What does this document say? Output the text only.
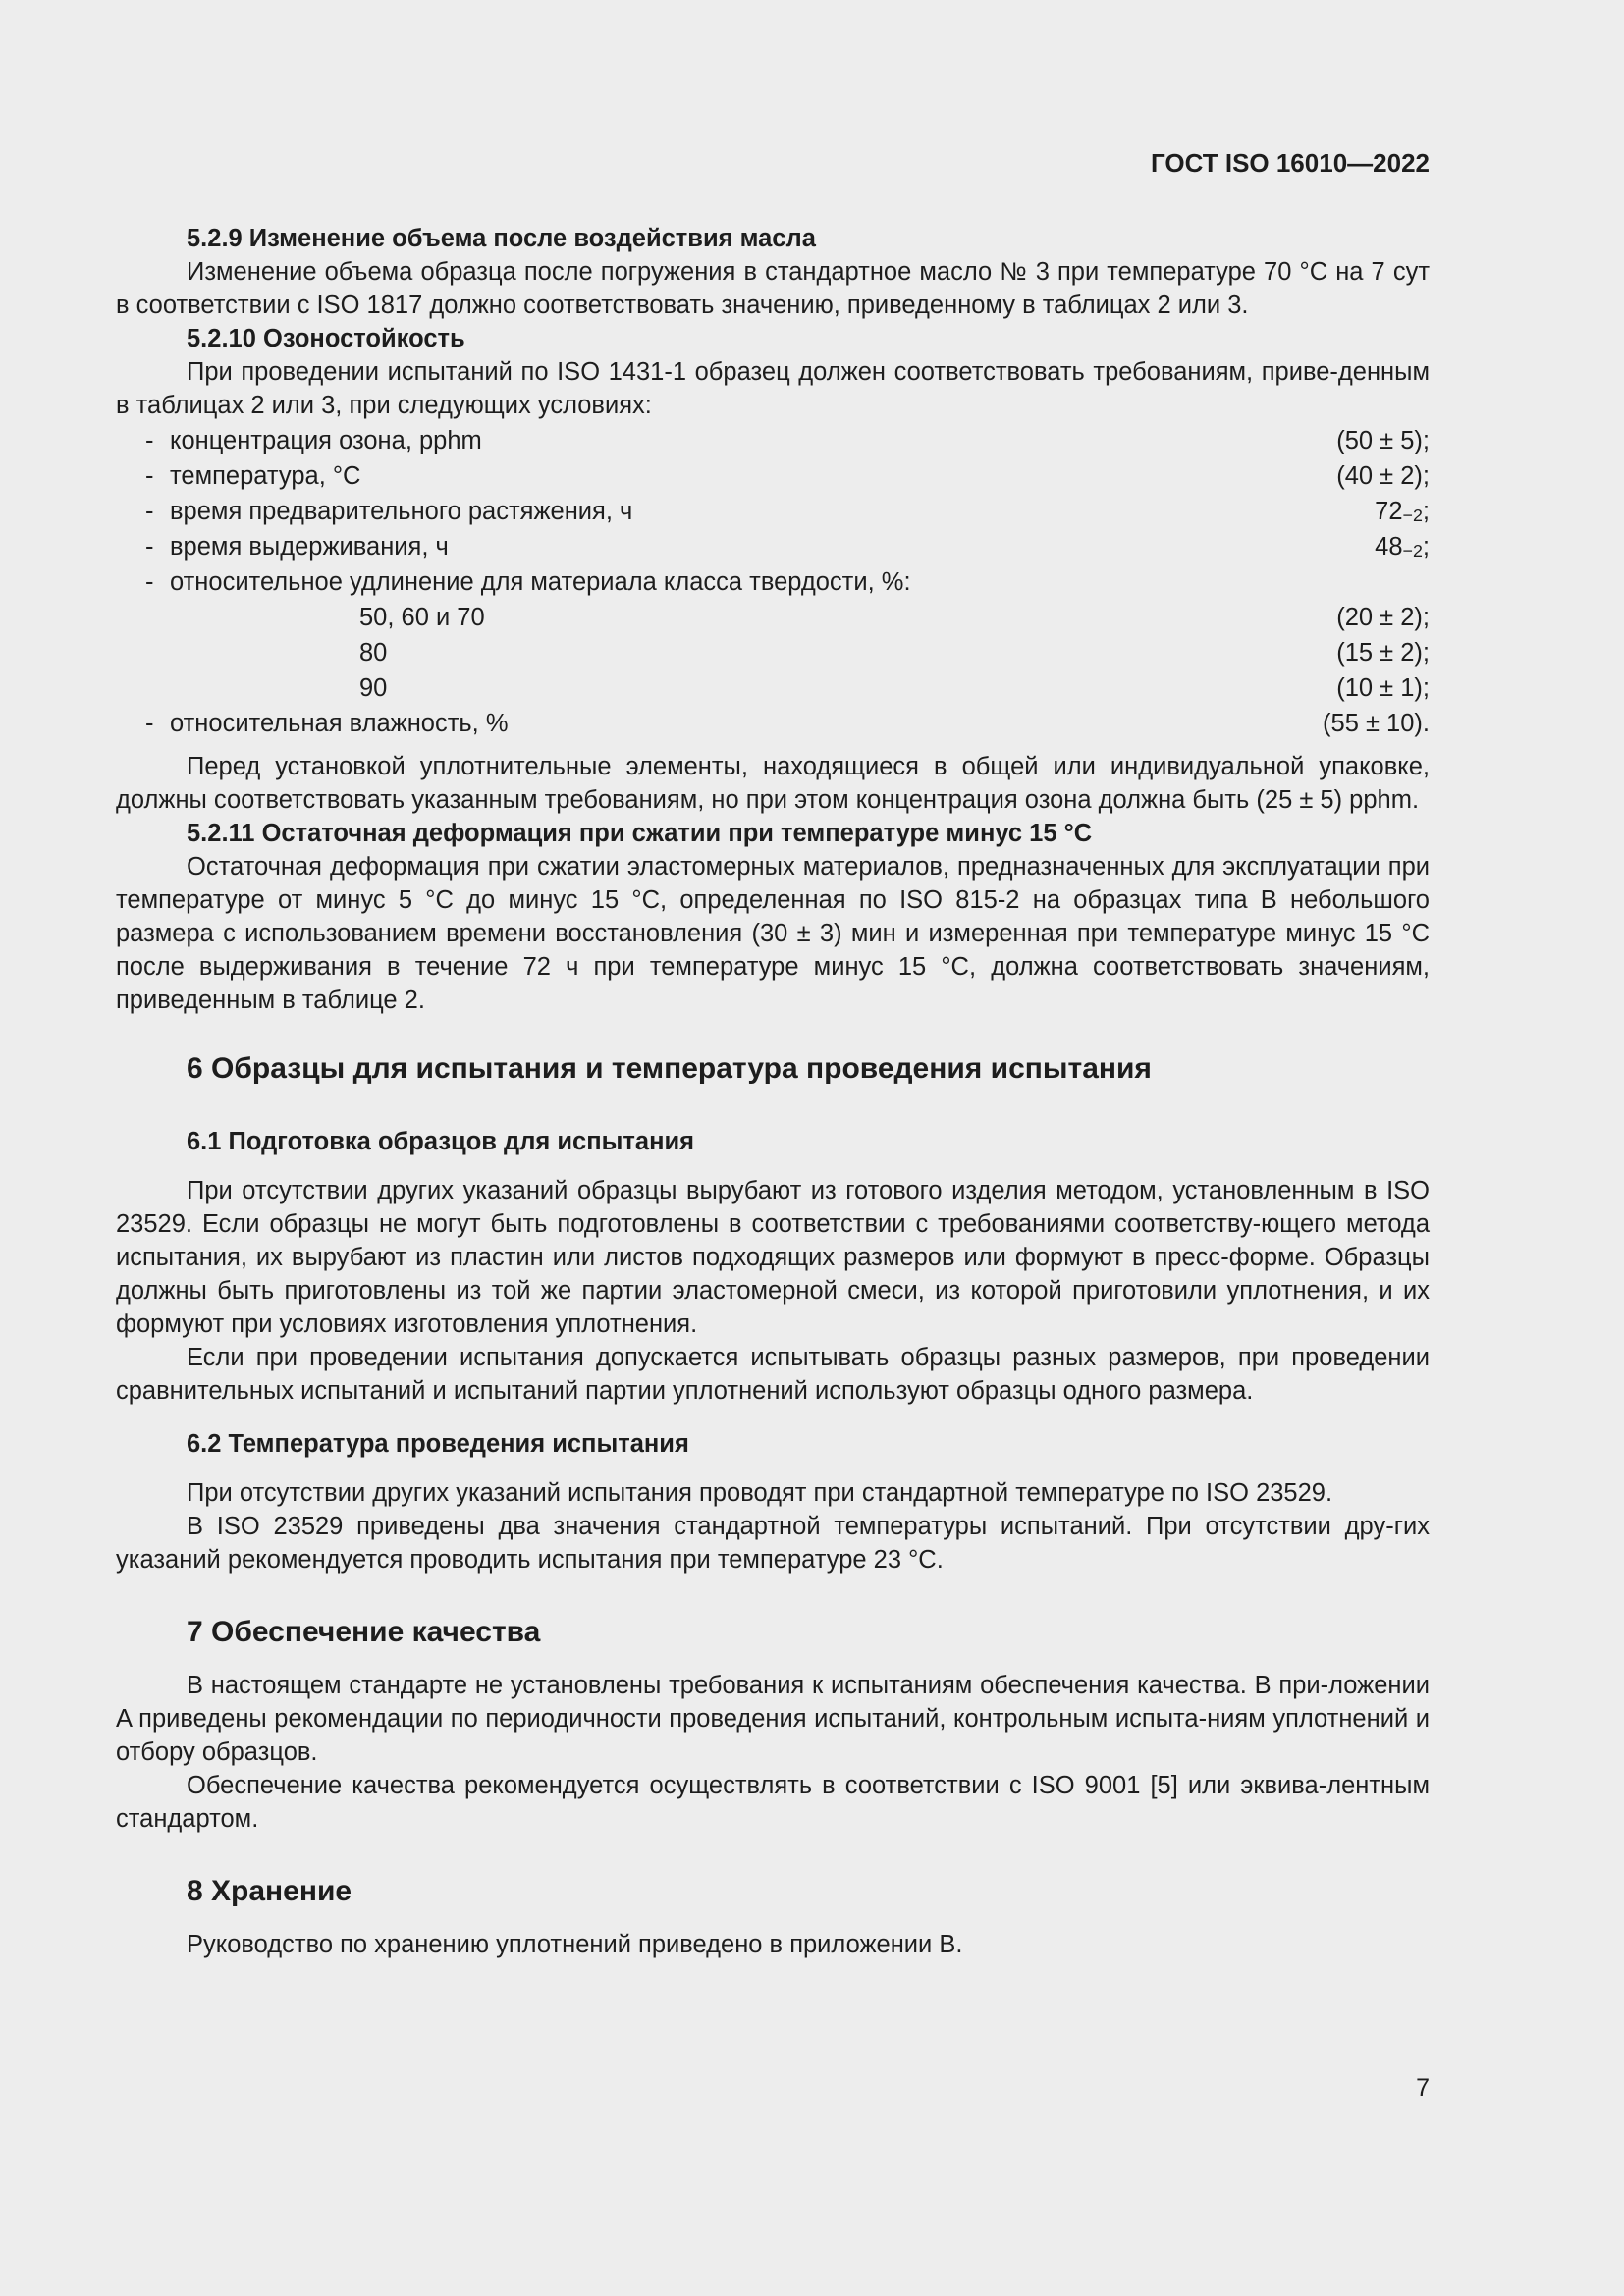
ГОСТ ISO 16010—2022

5.2.9 Изменение объема после воздействия масла

Изменение объема образца после погружения в стандартное масло № 3 при температуре 70 °C на 7 сут в соответствии с ISO 1817 должно соответствовать значению, приведенному в таблицах 2 или 3.

5.2.10 Озоностойкость

При проведении испытаний по ISO 1431-1 образец должен соответствовать требованиям, приве-денным в таблицах 2 или 3, при следующих условиях:

- концентрация озона, pphm	(50 ± 5);
- температура, °C	(40 ± 2);
- время предварительного растяжения, ч	$72_{-2}$;
- время выдерживания, ч	$48_{-2}$;
- относительное удлинение для материала класса твердости, %:
50, 60 и 70	(20 ± 2);
80	(15 ± 2);
90	(10 ± 1);
- относительная влажность, %	(55 ± 10).

Перед установкой уплотнительные элементы, находящиеся в общей или индивидуальной упаковке, должны соответствовать указанным требованиям, но при этом концентрация озона должна быть (25 ± 5) pphm.

5.2.11 Остаточная деформация при сжатии при температуре минус 15 °C

Остаточная деформация при сжатии эластомерных материалов, предназначенных для эксплуатации при температуре от минус 5 °C до минус 15 °C, определенная по ISO 815-2 на образцах типа B небольшого размера с использованием времени восстановления (30 ± 3) мин и измеренная при температуре минус 15 °C после выдерживания в течение 72 ч при температуре минус 15 °C, должна соответствовать значениям, приведенным в таблице 2.

6 Образцы для испытания и температура проведения испытания

6.1 Подготовка образцов для испытания

При отсутствии других указаний образцы вырубают из готового изделия методом, установленным в ISO 23529. Если образцы не могут быть подготовлены в соответствии с требованиями соответству-ющего метода испытания, их вырубают из пластин или листов подходящих размеров или формуют в пресс-форме. Образцы должны быть приготовлены из той же партии эластомерной смеси, из которой приготовили уплотнения, и их формуют при условиях изготовления уплотнения.

Если при проведении испытания допускается испытывать образцы разных размеров, при проведении сравнительных испытаний и испытаний партии уплотнений используют образцы одного размера.

6.2 Температура проведения испытания

При отсутствии других указаний испытания проводят при стандартной температуре по ISO 23529.

В ISO 23529 приведены два значения стандартной температуры испытаний. При отсутствии дру-гих указаний рекомендуется проводить испытания при температуре 23 °C.

7 Обеспечение качества

В настоящем стандарте не установлены требования к испытаниям обеспечения качества. В при-ложении A приведены рекомендации по периодичности проведения испытаний, контрольным испыта-ниям уплотнений и отбору образцов.

Обеспечение качества рекомендуется осуществлять в соответствии с ISO 9001 [5] или эквива-лентным стандартом.

8 Хранение

Руководство по хранению уплотнений приведено в приложении B.

7
